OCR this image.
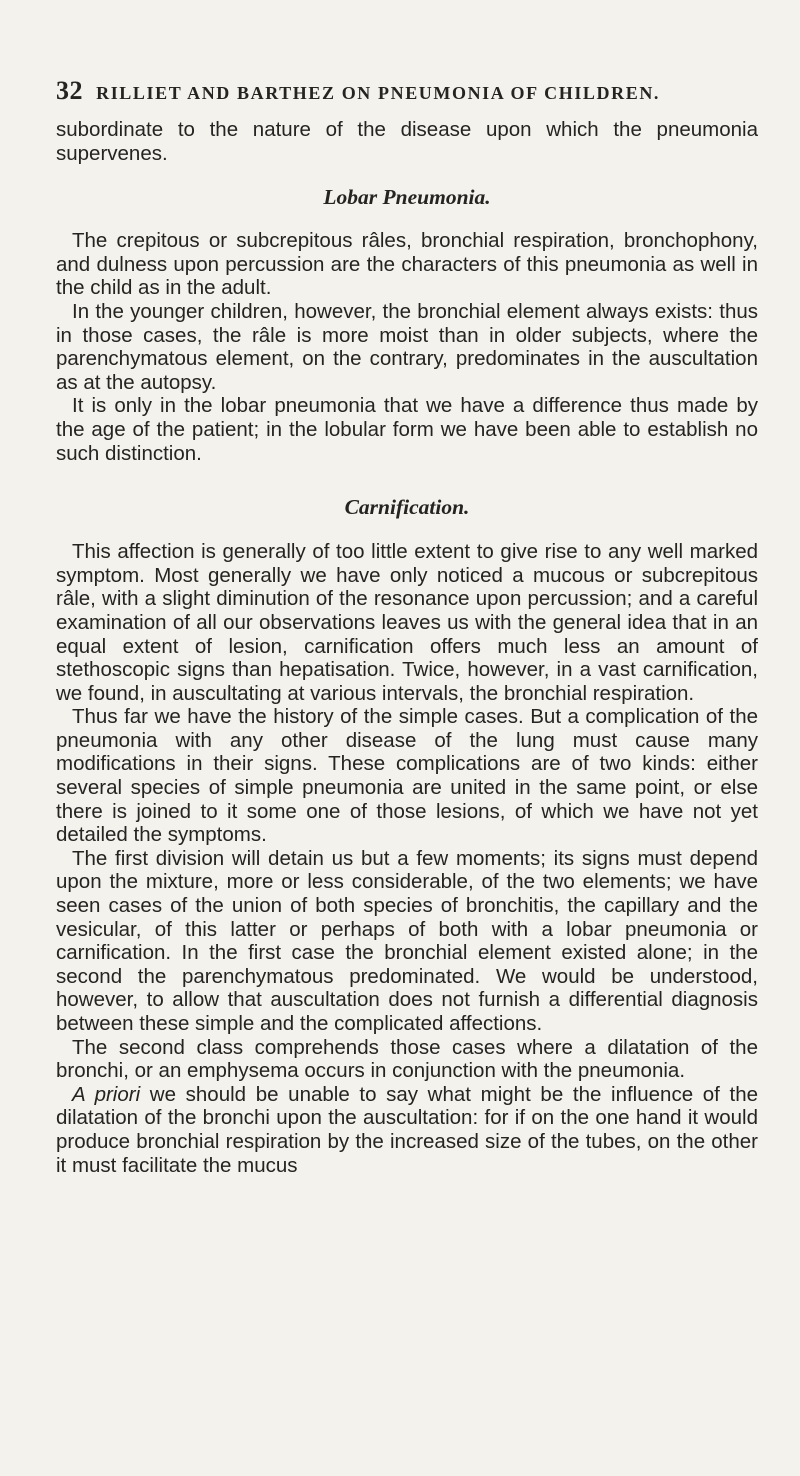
32 RILLIET AND BARTHEZ ON PNEUMONIA OF CHILDREN.

subordinate to the nature of the disease upon which the pneumonia supervenes.

Lobar Pneumonia.

The crepitous or subcrepitous râles, bronchial respiration, bronchophony, and dulness upon percussion are the characters of this pneumonia as well in the child as in the adult.

In the younger children, however, the bronchial element always exists: thus in those cases, the râle is more moist than in older subjects, where the parenchymatous element, on the contrary, predominates in the auscultation as at the autopsy.

It is only in the lobar pneumonia that we have a difference thus made by the age of the patient; in the lobular form we have been able to establish no such distinction.

Carnification.

This affection is generally of too little extent to give rise to any well marked symptom. Most generally we have only noticed a mucous or subcrepitous râle, with a slight diminution of the resonance upon percussion; and a careful examination of all our observations leaves us with the general idea that in an equal extent of lesion, carnification offers much less an amount of stethoscopic signs than hepatisation. Twice, however, in a vast carnification, we found, in auscultating at various intervals, the bronchial respiration.

Thus far we have the history of the simple cases. But a complication of the pneumonia with any other disease of the lung must cause many modifications in their signs. These complications are of two kinds: either several species of simple pneumonia are united in the same point, or else there is joined to it some one of those lesions, of which we have not yet detailed the symptoms.

The first division will detain us but a few moments; its signs must depend upon the mixture, more or less considerable, of the two elements; we have seen cases of the union of both species of bronchitis, the capillary and the vesicular, of this latter or perhaps of both with a lobar pneumonia or carnification. In the first case the bronchial element existed alone; in the second the parenchymatous predominated. We would be understood, however, to allow that auscultation does not furnish a differential diagnosis between these simple and the complicated affections.

The second class comprehends those cases where a dilatation of the bronchi, or an emphysema occurs in conjunction with the pneumonia.

A priori we should be unable to say what might be the influence of the dilatation of the bronchi upon the auscultation: for if on the one hand it would produce bronchial respiration by the increased size of the tubes, on the other it must facilitate the mucus
